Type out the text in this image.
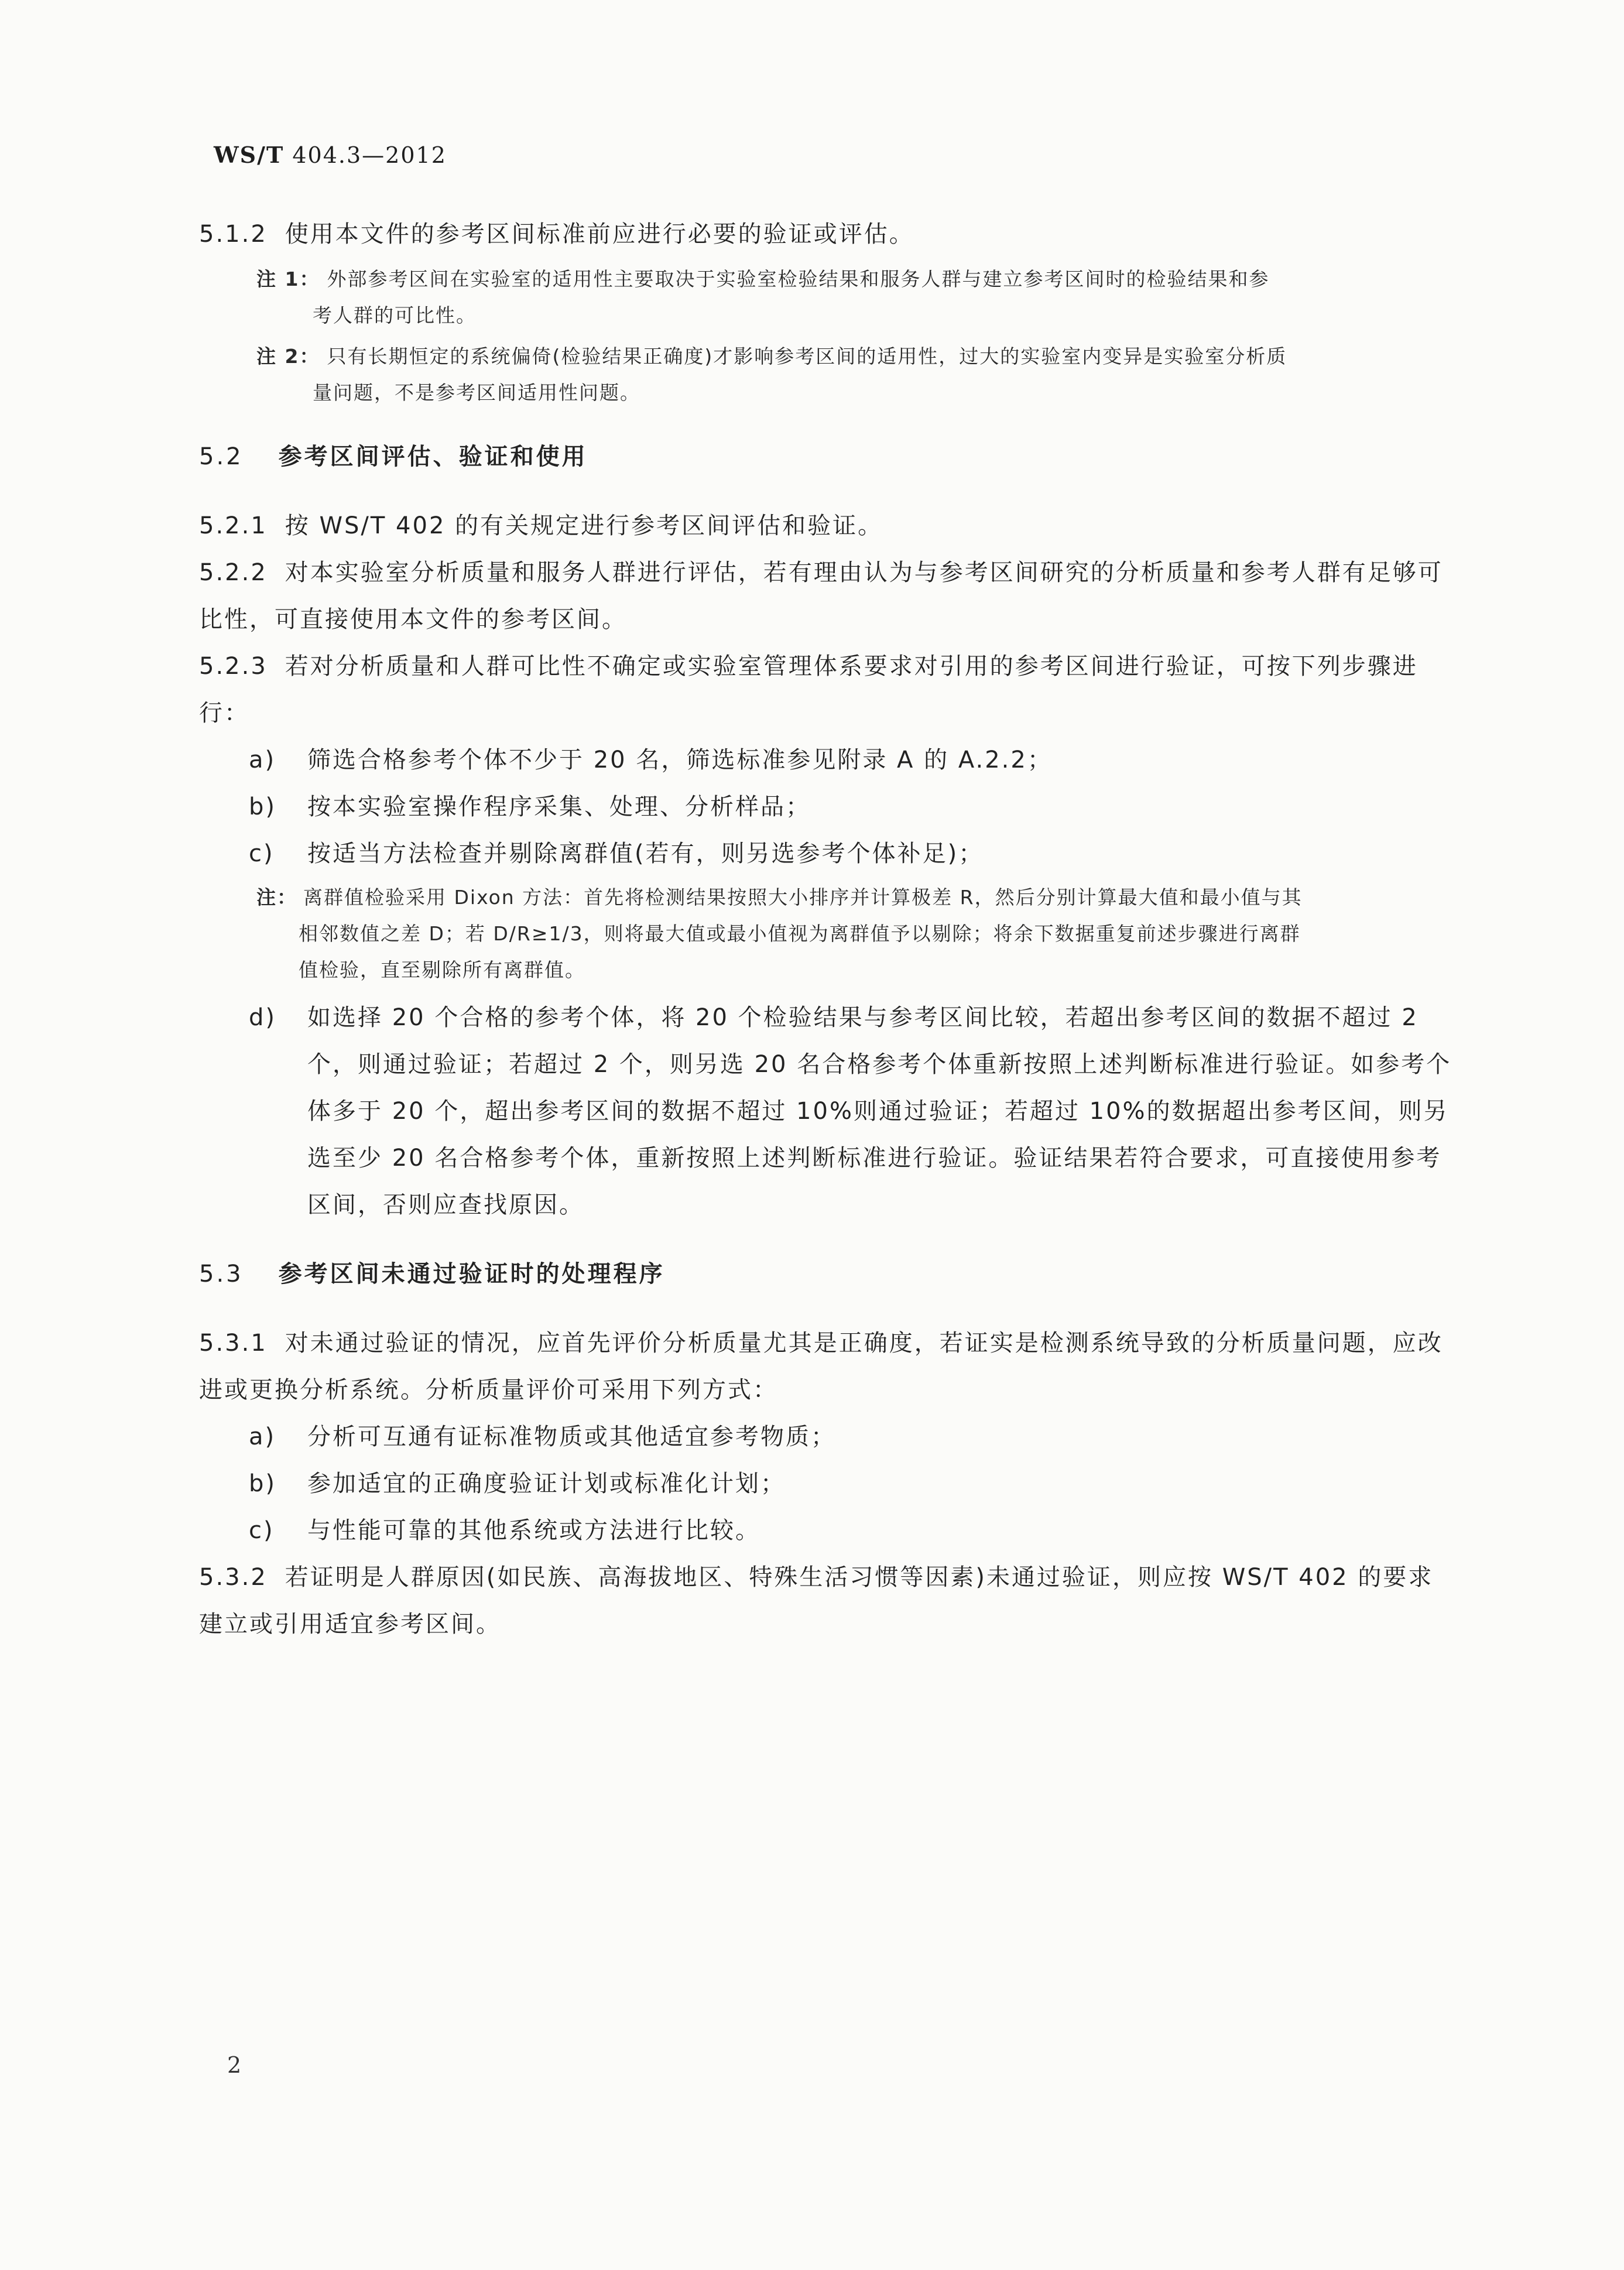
WS/T 404.3—2012

5.1.2 使用本文件的参考区间标准前应进行必要的验证或评估。

注 1： 外部参考区间在实验室的适用性主要取决于实验室检验结果和服务人群与建立参考区间时的检验结果和参
考人群的可比性。
注 2： 只有长期恒定的系统偏倚(检验结果正确度)才影响参考区间的适用性，过大的实验室内变异是实验室分析质
量问题，不是参考区间适用性问题。
5.2 参考区间评估、验证和使用

5.2.1 按 WS/T 402 的有关规定进行参考区间评估和验证。

5.2.2 对本实验室分析质量和服务人群进行评估，若有理由认为与参考区间研究的分析质量和参考人群有足够可比性，可直接使用本文件的参考区间。

5.2.3 若对分析质量和人群可比性不确定或实验室管理体系要求对引用的参考区间进行验证，可按下列步骤进行：

a)	筛选合格参考个体不少于 20 名，筛选标准参见附录 A 的 A.2.2；
b)	按本实验室操作程序采集、处理、分析样品；
c)	按适当方法检查并剔除离群值(若有，则另选参考个体补足)；
注： 离群值检验采用 Dixon 方法：首先将检测结果按照大小排序并计算极差 R，然后分别计算最大值和最小值与其
相邻数值之差 D；若 D/R≥1/3，则将最大值或最小值视为离群值予以剔除；将余下数据重复前述步骤进行离群
值检验，直至剔除所有离群值。
d)	如选择 20 个合格的参考个体，将 20 个检验结果与参考区间比较，若超出参考区间的数据不超过 2 个，则通过验证；若超过 2 个，则另选 20 名合格参考个体重新按照上述判断标准进行验证。如参考个体多于 20 个，超出参考区间的数据不超过 10%则通过验证；若超过 10%的数据超出参考区间，则另选至少 20 名合格参考个体，重新按照上述判断标准进行验证。验证结果若符合要求，可直接使用参考区间，否则应查找原因。
5.3 参考区间未通过验证时的处理程序

5.3.1 对未通过验证的情况，应首先评价分析质量尤其是正确度，若证实是检测系统导致的分析质量问题，应改进或更换分析系统。分析质量评价可采用下列方式：

a)	分析可互通有证标准物质或其他适宜参考物质；
b)	参加适宜的正确度验证计划或标准化计划；
c)	与性能可靠的其他系统或方法进行比较。

5.3.2 若证明是人群原因(如民族、高海拔地区、特殊生活习惯等因素)未通过验证，则应按 WS/T 402 的要求建立或引用适宜参考区间。

2
